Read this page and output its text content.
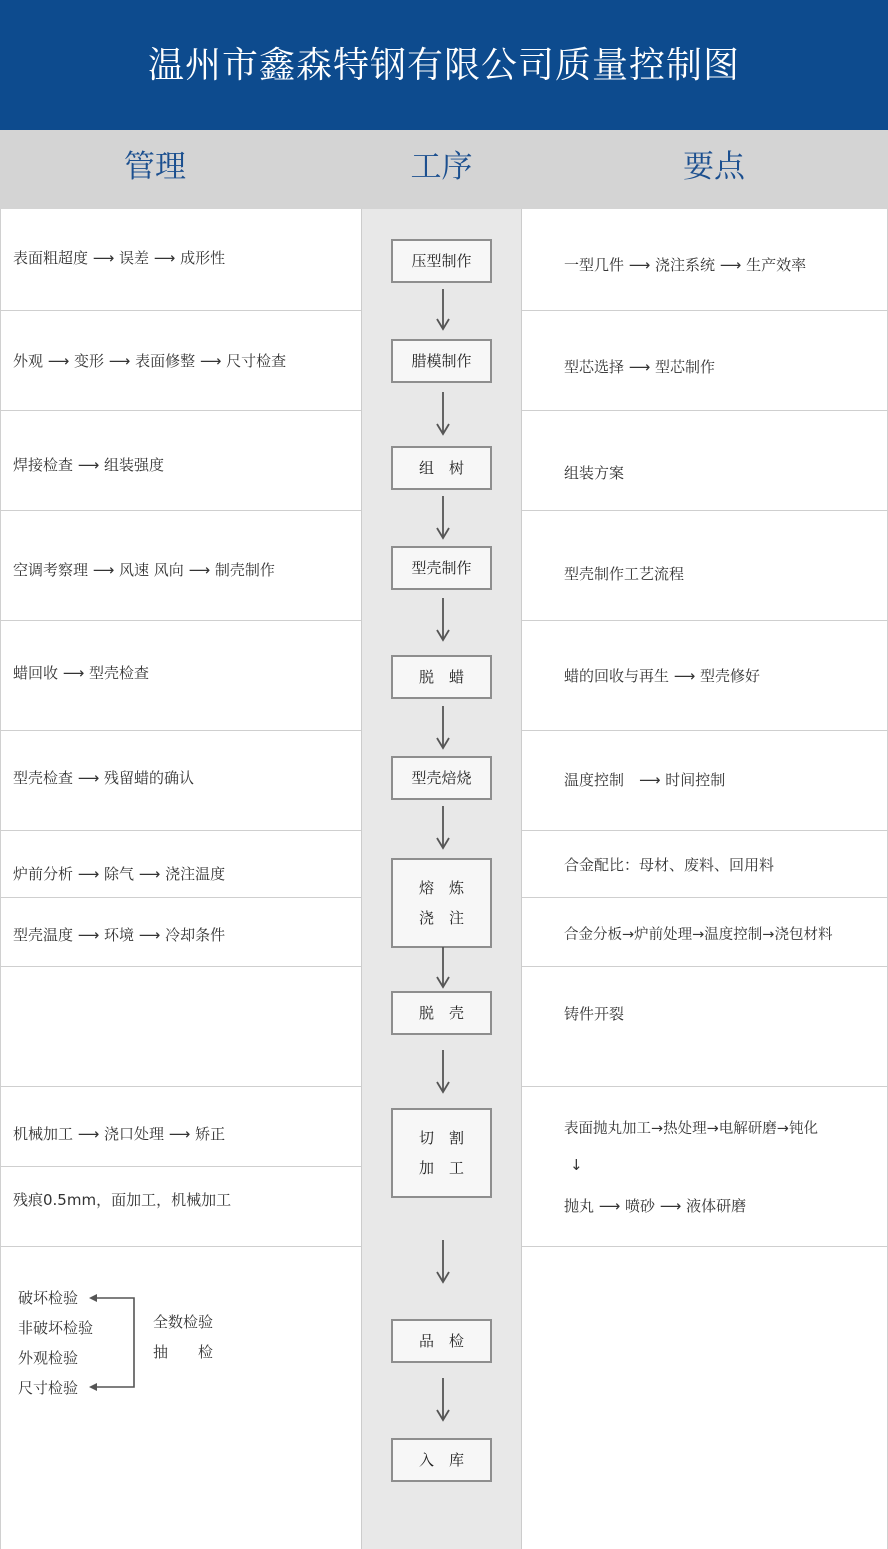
温州市鑫森特钢有限公司质量控制图
管理	工序	要点
表面粗超度 ⟶ 误差 ⟶ 成形性
外观 ⟶ 变形 ⟶ 表面修整 ⟶ 尺寸检查
焊接检查 ⟶ 组装强度
空调考察理 ⟶ 风速 风向 ⟶ 制壳制作
蜡回收 ⟶ 型壳检查
型壳检查 ⟶ 残留蜡的确认
炉前分析 ⟶ 除气 ⟶ 浇注温度
型壳温度 ⟶ 环境 ⟶ 冷却条件
机械加工 ⟶ 浇口处理 ⟶ 矫正
残痕0.5mm，面加工，机械加工
破坏检验
非破坏检验
外观检验
尺寸检验
全数检验
抽　　检
压型制作
腊模制作
组　树
型壳制作
脱　蜡
型壳焙烧
熔　炼
浇　注
脱　壳
切　割
加　工
品　检
入　库
一型几件 ⟶ 浇注系统 ⟶ 生产效率
型芯选择 ⟶ 型芯制作
组装方案
型壳制作工艺流程
蜡的回收与再生 ⟶ 型壳修好
温度控制　⟶ 时间控制
合金配比：母材、废料、回用料
合金分板→炉前处理→温度控制→浇包材料
铸件开裂
表面抛丸加工→热处理→电解研磨→钝化
↓
抛丸 ⟶ 喷砂 ⟶ 液体研磨
